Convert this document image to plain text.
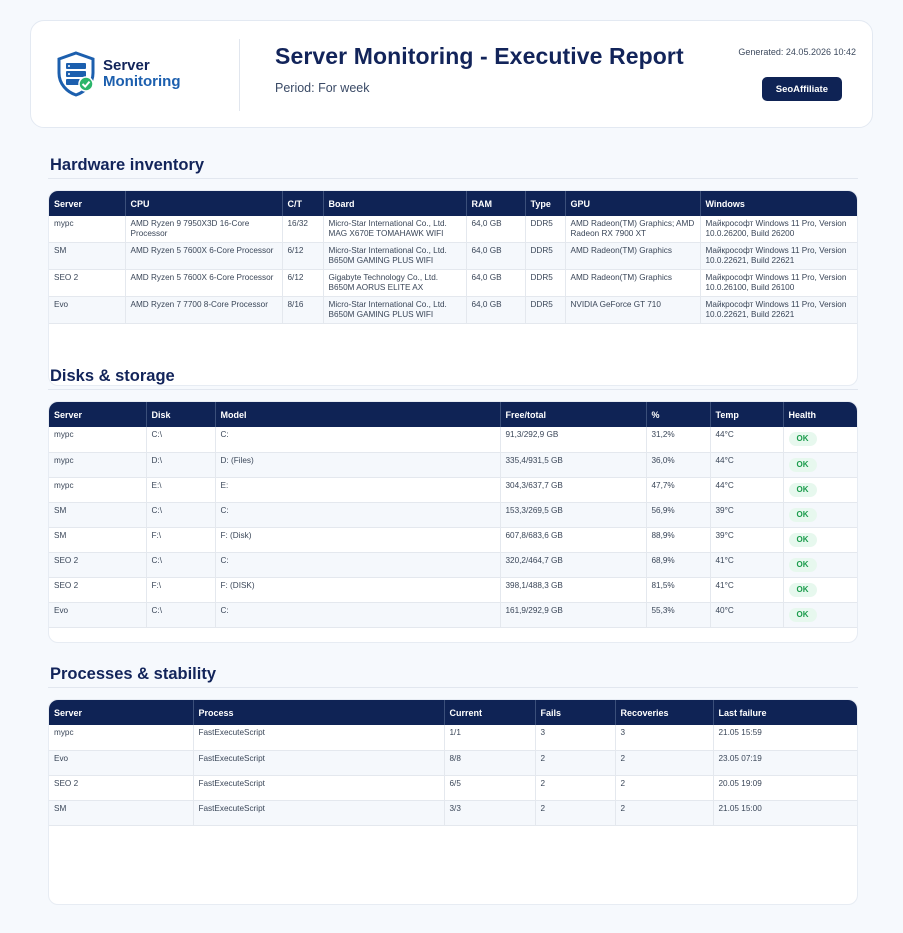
Server
Monitoring
Server Monitoring - Executive Report
Period: For week
Generated: 24.05.2026 10:42
SeoAffiliate
Hardware inventory
Server	CPU	C/T	Board	RAM	Type	GPU	Windows
mypc	AMD Ryzen 9 7950X3D 16-Core Processor	16/32	Micro-Star International Co., Ltd. MAG X670E TOMAHAWK WIFI	64,0 GB	DDR5	AMD Radeon(TM) Graphics; AMD Radeon RX 7900 XT	Майкрософт Windows 11 Pro, Version 10.0.26200, Build 26200
SM	AMD Ryzen 5 7600X 6-Core Processor	6/12	Micro-Star International Co., Ltd. B650M GAMING PLUS WIFI	64,0 GB	DDR5	AMD Radeon(TM) Graphics	Майкрософт Windows 11 Pro, Version 10.0.22621, Build 22621
SEO 2	AMD Ryzen 5 7600X 6-Core Processor	6/12	Gigabyte Technology Co., Ltd. B650M AORUS ELITE AX	64,0 GB	DDR5	AMD Radeon(TM) Graphics	Майкрософт Windows 11 Pro, Version 10.0.26100, Build 26100
Evo	AMD Ryzen 7 7700 8-Core Processor	8/16	Micro-Star International Co., Ltd. B650M GAMING PLUS WIFI	64,0 GB	DDR5	NVIDIA GeForce GT 710	Майкрософт Windows 11 Pro, Version 10.0.22621, Build 22621
Disks & storage
Server	Disk	Model	Free/total	%	Temp	Health
mypc	C:\	C:	91,3/292,9 GB	31,2%	44°C	OK
mypc	D:\	D: (Files)	335,4/931,5 GB	36,0%	44°C	OK
mypc	E:\	E:	304,3/637,7 GB	47,7%	44°C	OK
SM	C:\	C:	153,3/269,5 GB	56,9%	39°C	OK
SM	F:\	F: (Disk)	607,8/683,6 GB	88,9%	39°C	OK
SEO 2	C:\	C:	320,2/464,7 GB	68,9%	41°C	OK
SEO 2	F:\	F: (DISK)	398,1/488,3 GB	81,5%	41°C	OK
Evo	C:\	C:	161,9/292,9 GB	55,3%	40°C	OK
Processes & stability
Server	Process	Current	Fails	Recoveries	Last failure
mypc	FastExecuteScript	1/1	3	3	21.05 15:59
Evo	FastExecuteScript	8/8	2	2	23.05 07:19
SEO 2	FastExecuteScript	6/5	2	2	20.05 19:09
SM	FastExecuteScript	3/3	2	2	21.05 15:00
